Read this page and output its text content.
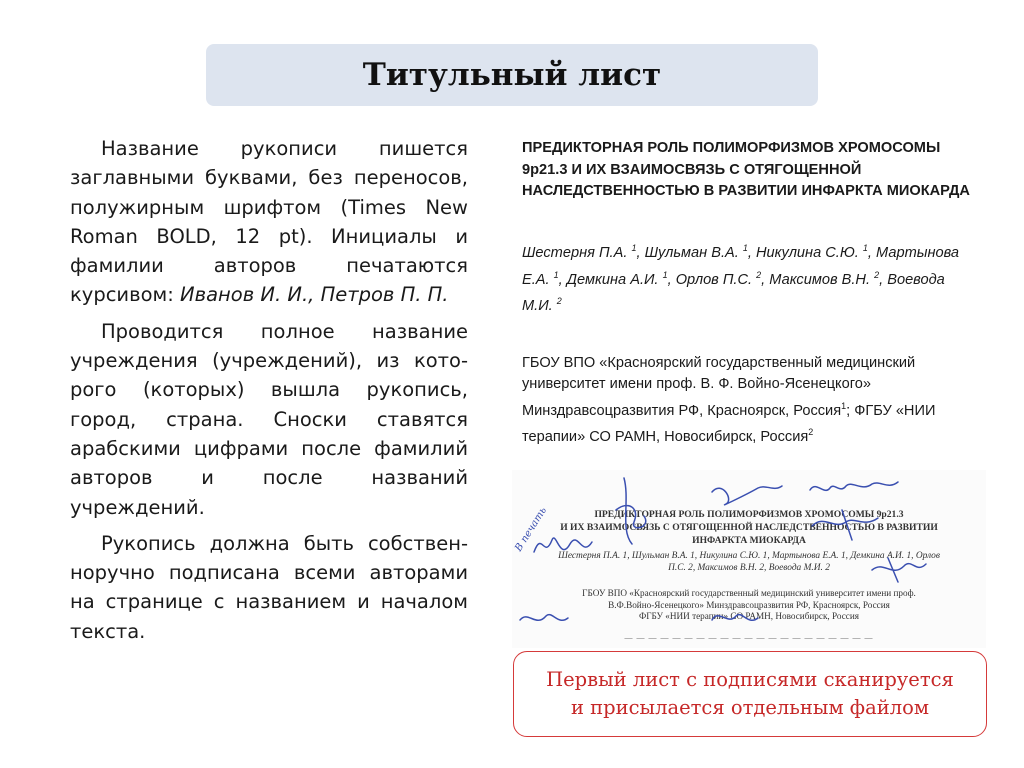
Титульный лист

Название рукописи пишется заглавными буквами, без переносов, полужирным шрифтом (Times New Roman BOLD, 12 pt). Инициалы и фамилии авторов печатаются курсивом: Иванов И. И., Петров П. П.

Проводится полное название учреждения (учреждений), из которого (которых) вышла рукопись, город, страна. Сноски ставятся арабскими цифрами после фамилий авторов и после названий учреждений.

Рукопись должна быть собственноручно подписана всеми авторами на странице с названием и началом текста.

ПРЕДИКТОРНАЯ РОЛЬ ПОЛИМОРФИЗМОВ ХРОМОСОМЫ 9p21.3 И ИХ ВЗАИМОСВЯЗЬ С ОТЯГОЩЕННОЙ НАСЛЕДСТВЕННОСТЬЮ В РАЗВИТИИ ИНФАРКТА МИОКАРДА

Шестерня П.А. $^1$, Шульман В.А. $^1$, Никулина С.Ю. $^1$, Мартынова Е.А. $^1$, Демкина А.И. $^1$, Орлов П.С. $^2$, Максимов В.Н. $^2$, Воевода М.И. $^2$

ГБОУ ВПО «Красноярский государственный медицинский университет имени проф. В. Ф. Войно-Ясенецкого» Минздравсоцразвития РФ, Красноярск, Россия$^1$; ФГБУ «НИИ терапии» СО РАМН, Новосибирск, Россия$^2$

ПРЕДИКТОРНАЯ РОЛЬ ПОЛИМОРФИЗМОВ ХРОМОСОМЫ 9p21.3
И ИХ ВЗАИМОСВЯЗЬ С ОТЯГОЩЕННОЙ НАСЛЕДСТВЕННОСТЬЮ В РАЗВИТИИ
ИНФАРКТА МИОКАРДА
Шестерня П.А. 1, Шульман В.А. 1, Никулина С.Ю. 1, Мартынова Е.А. 1, Демкина А.И. 1, Орлов
П.С. 2, Максимов В.Н. 2, Воевода М.И. 2
ГБОУ ВПО «Красноярский государственный медицинский университет имени проф.
В.Ф.Войно-Ясенецкого» Минздравсоцразвития РФ, Красноярск, Россия
ФГБУ «НИИ терапии» СО РАМН, Новосибирск, Россия
— — — — — — — — — — — — — — — — — — — — —
В печать
Первый лист с подписями сканируется
и присылается отдельным файлом
